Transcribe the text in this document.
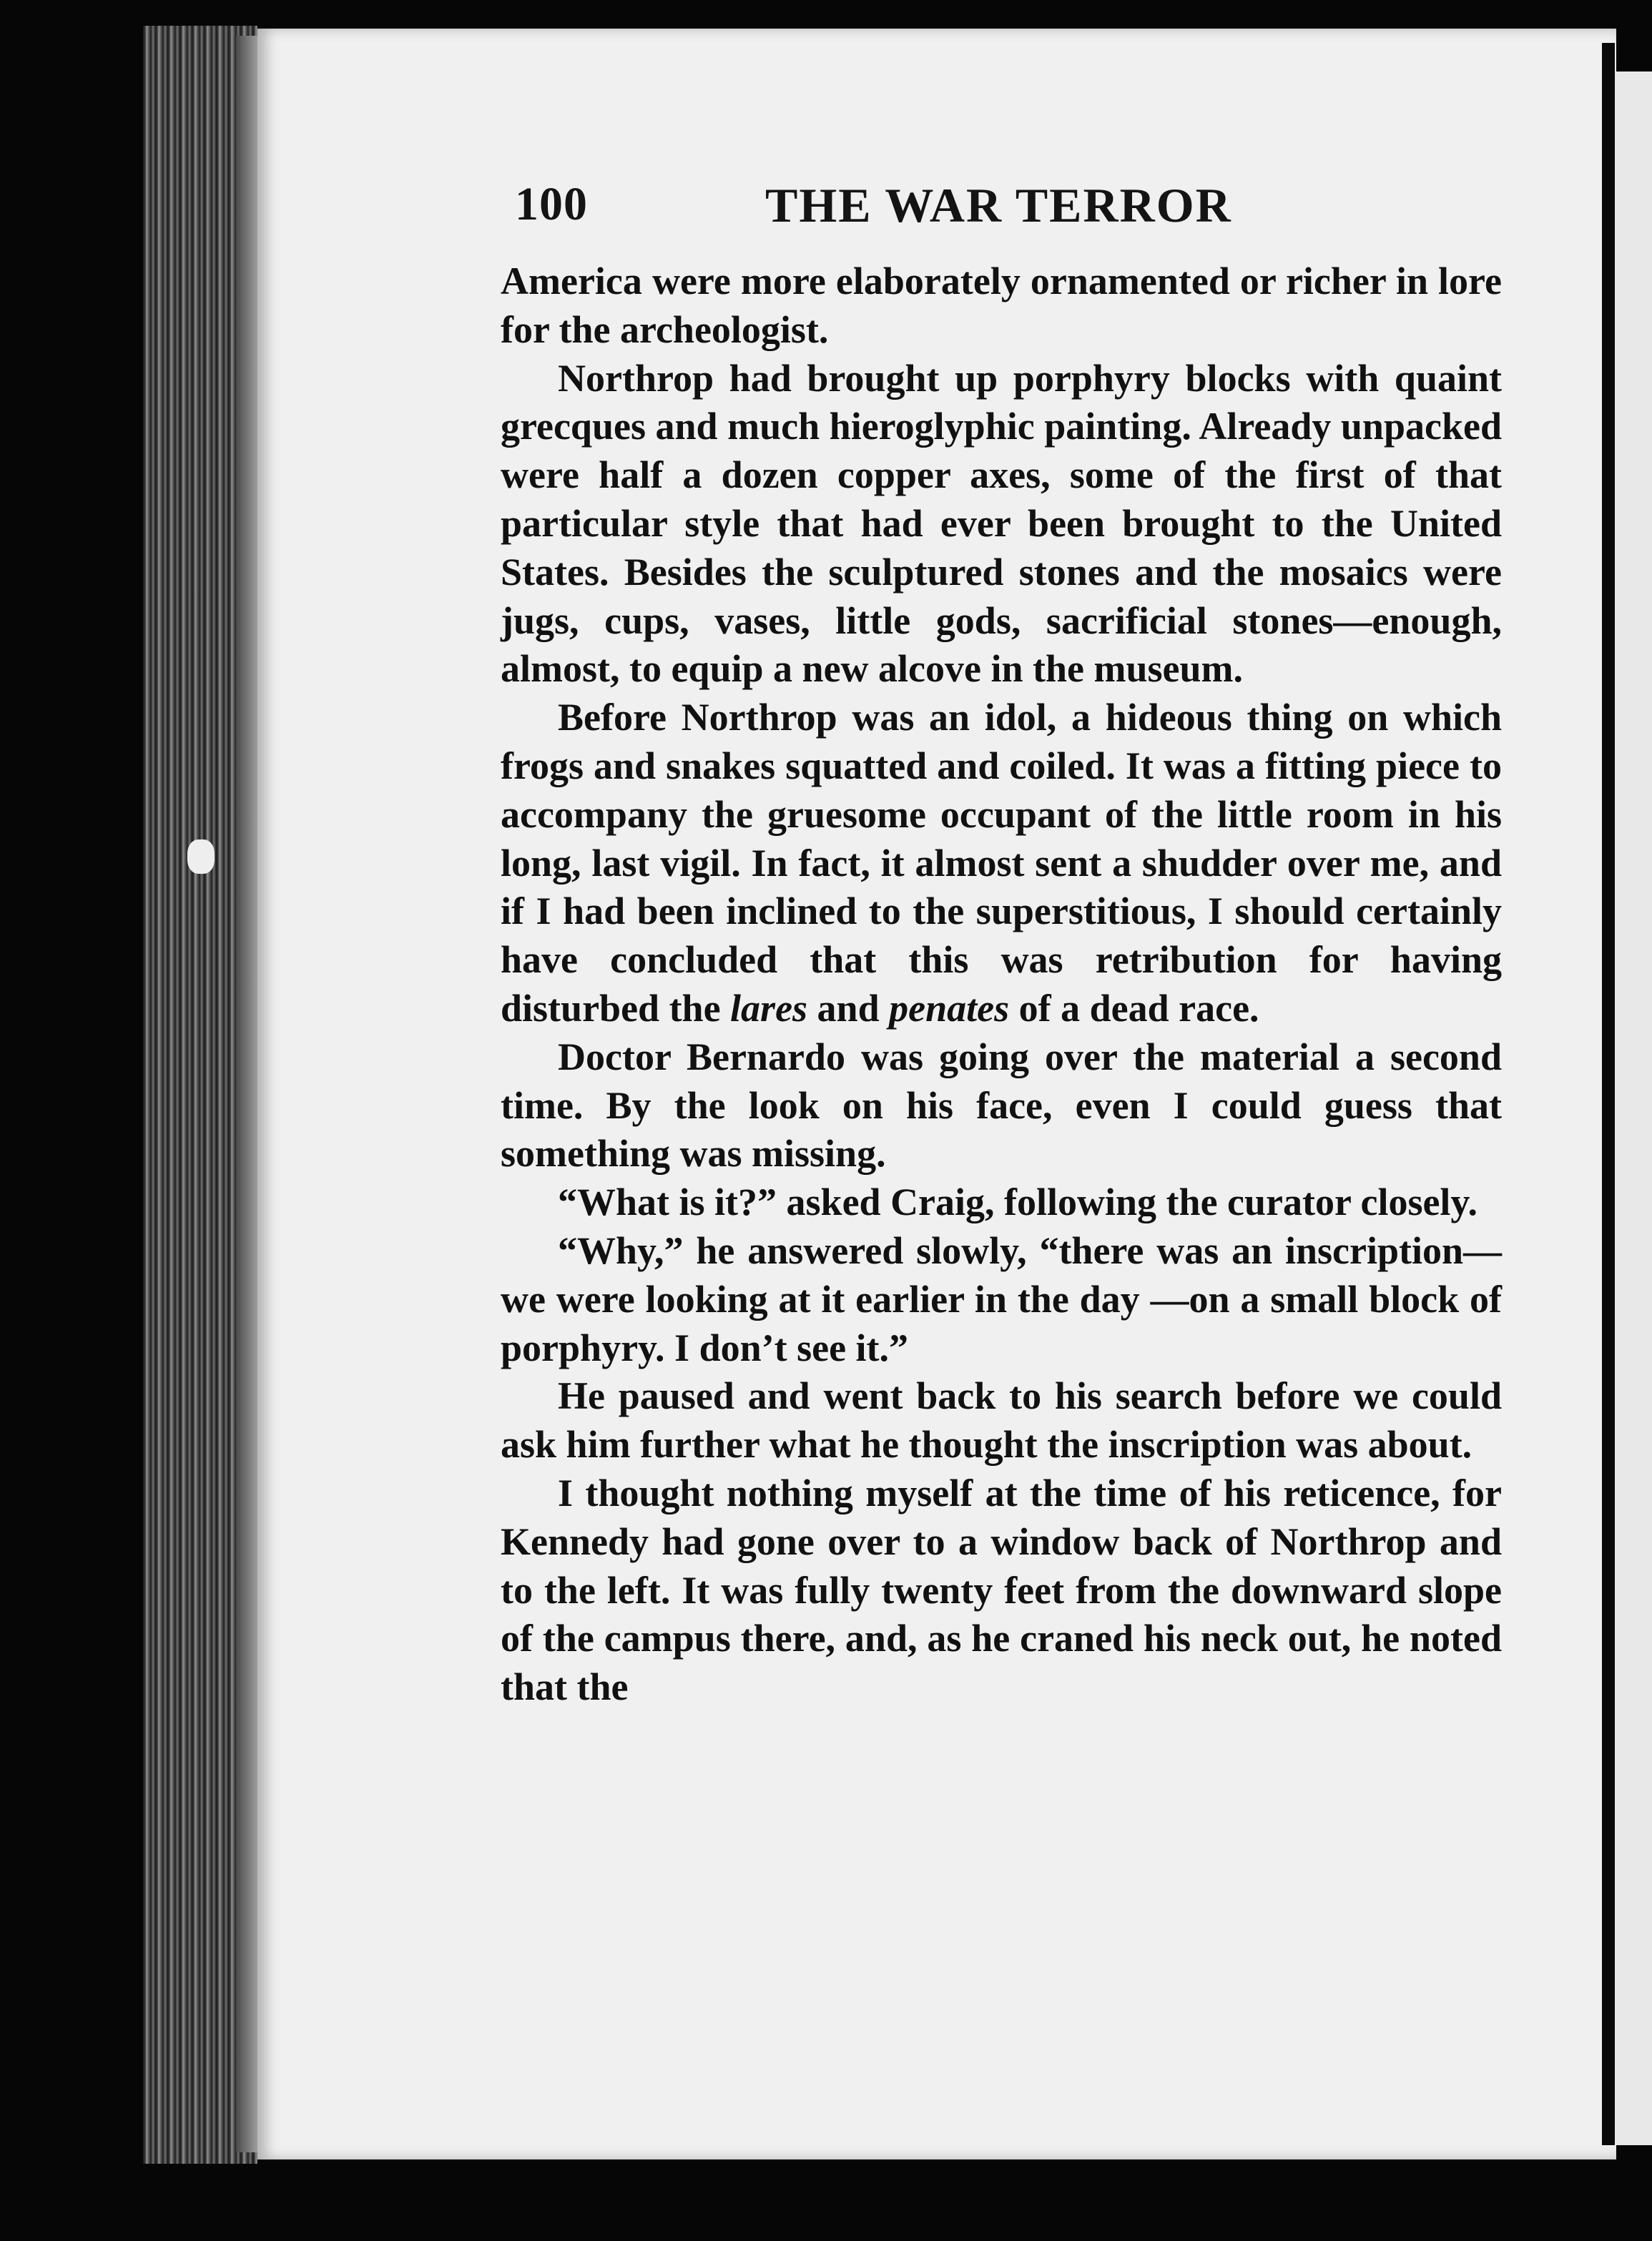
100	THE WAR TERROR

America were more elaborately ornamented or richer in lore for the archeologist.

Northrop had brought up porphyry blocks with quaint grecques and much hieroglyphic painting. Already unpacked were half a dozen copper axes, some of the first of that particular style that had ever been brought to the United States. Besides the sculptured stones and the mosaics were jugs, cups, vases, little gods, sacrificial stones—enough, almost, to equip a new alcove in the museum.

Before Northrop was an idol, a hideous thing on which frogs and snakes squatted and coiled. It was a fitting piece to accompany the gruesome occupant of the little room in his long, last vigil. In fact, it almost sent a shudder over me, and if I had been inclined to the superstitious, I should certainly have concluded that this was retribution for having disturbed the lares and penates of a dead race.

Doctor Bernardo was going over the material a second time. By the look on his face, even I could guess that something was missing.

“What is it?” asked Craig, following the curator closely.

“Why,” he answered slowly, “there was an inscription—we were looking at it earlier in the day —on a small block of porphyry. I don’t see it.”

He paused and went back to his search before we could ask him further what he thought the inscription was about.

I thought nothing myself at the time of his reticence, for Kennedy had gone over to a window back of Northrop and to the left. It was fully twenty feet from the downward slope of the campus there, and, as he craned his neck out, he noted that the
